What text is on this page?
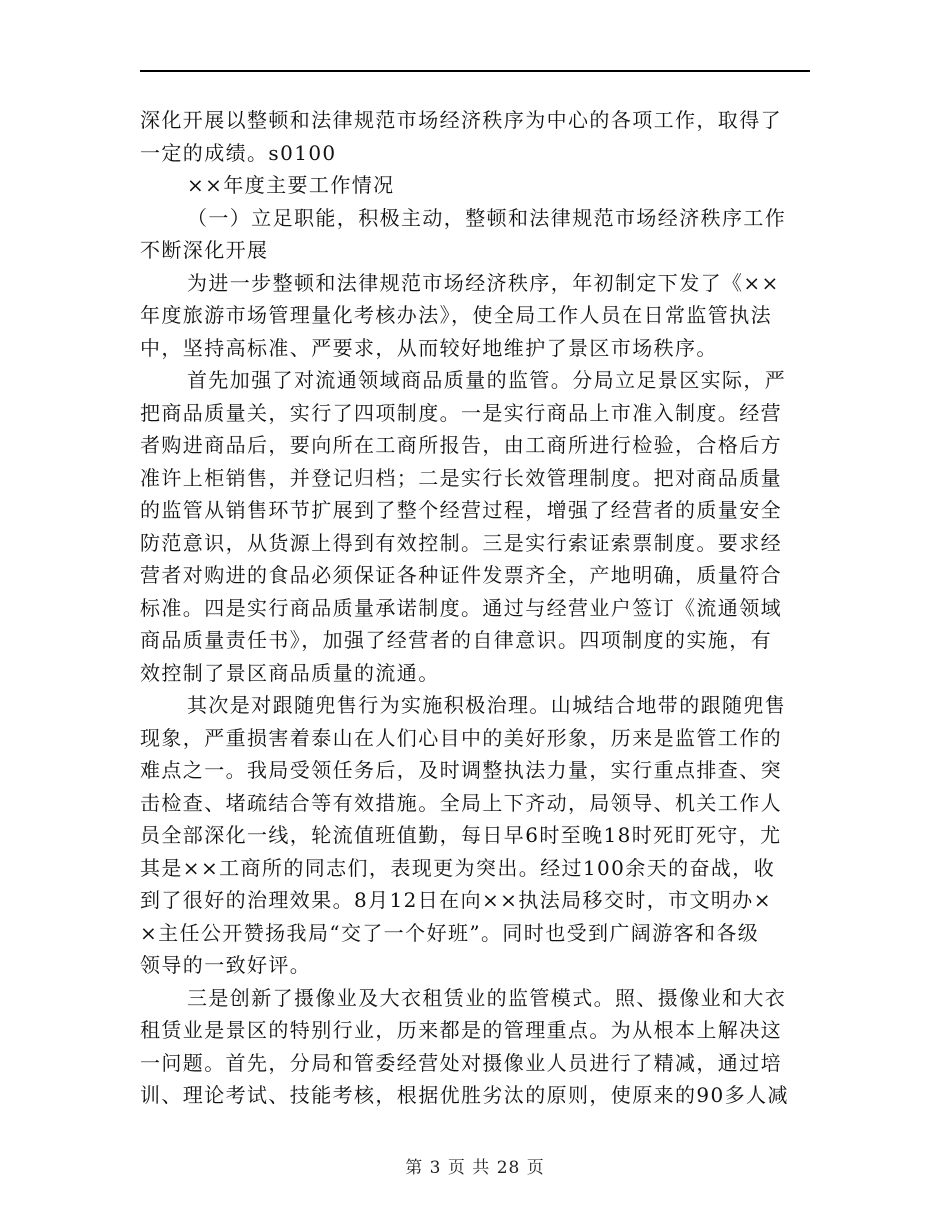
深化开展以整顿和法律规范市场经济秩序为中心的各项工作，取得了
一定的成绩。s0100
××年度主要工作情况
（一）立足职能，积极主动，整顿和法律规范市场经济秩序工作
不断深化开展
为进一步整顿和法律规范市场经济秩序，年初制定下发了《××
年度旅游市场管理量化考核办法》，使全局工作人员在日常监管执法
中，坚持高标准、严要求，从而较好地维护了景区市场秩序。
首先加强了对流通领域商品质量的监管。分局立足景区实际，严
把商品质量关，实行了四项制度。一是实行商品上市准入制度。经营
者购进商品后，要向所在工商所报告，由工商所进行检验，合格后方
准许上柜销售，并登记归档；二是实行长效管理制度。把对商品质量
的监管从销售环节扩展到了整个经营过程，增强了经营者的质量安全
防范意识，从货源上得到有效控制。三是实行索证索票制度。要求经
营者对购进的食品必须保证各种证件发票齐全，产地明确，质量符合
标准。四是实行商品质量承诺制度。通过与经营业户签订《流通领域
商品质量责任书》，加强了经营者的自律意识。四项制度的实施，有
效控制了景区商品质量的流通。
其次是对跟随兜售行为实施积极治理。山城结合地带的跟随兜售
现象，严重损害着泰山在人们心目中的美好形象，历来是监管工作的
难点之一。我局受领任务后，及时调整执法力量，实行重点排查、突
击检查、堵疏结合等有效措施。全局上下齐动，局领导、机关工作人
员全部深化一线，轮流值班值勤，每日早6时至晚18时死盯死守，尤
其是××工商所的同志们，表现更为突出。经过100余天的奋战，收
到了很好的治理效果。8月12日在向××执法局移交时，市文明办×
×主任公开赞扬我局“交了一个好班”。同时也受到广阔游客和各级
领导的一致好评。
三是创新了摄像业及大衣租赁业的监管模式。照、摄像业和大衣
租赁业是景区的特别行业，历来都是的管理重点。为从根本上解决这
一问题。首先，分局和管委经营处对摄像业人员进行了精减，通过培
训、理论考试、技能考核，根据优胜劣汰的原则，使原来的90多人减
第 3 页 共 28 页
